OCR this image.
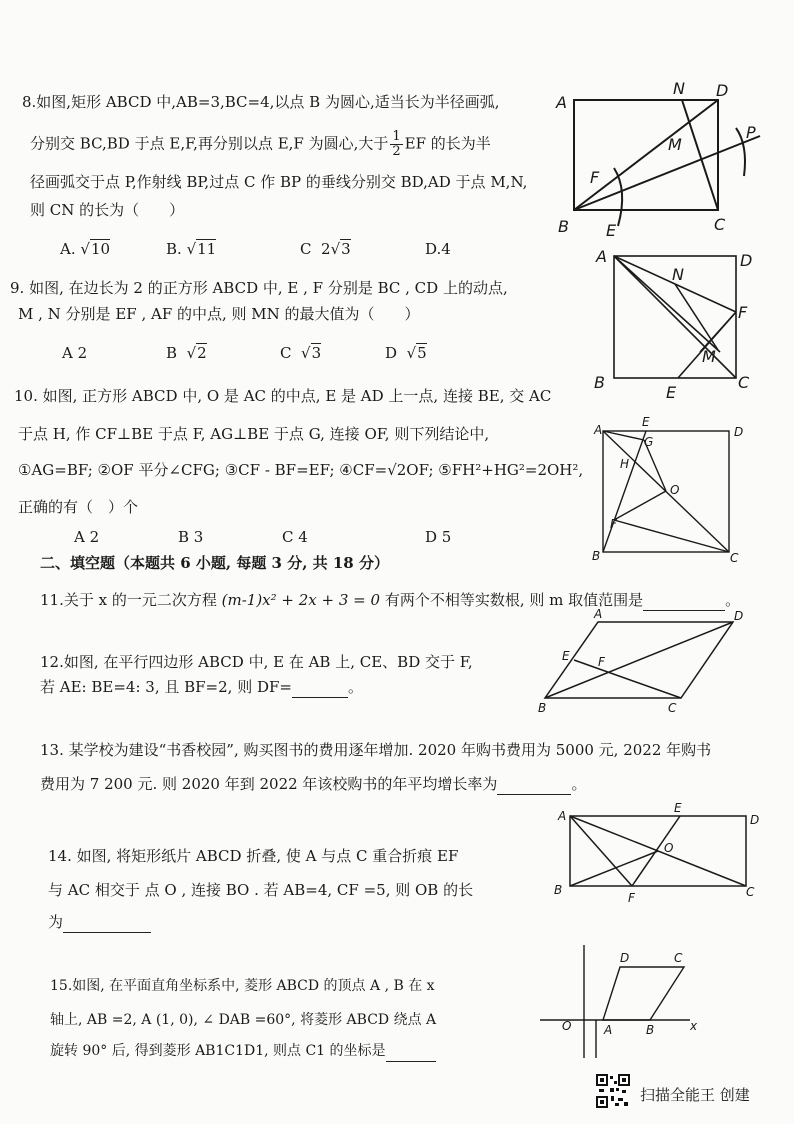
8.如图,矩形 ABCD 中,AB=3,BC=4,以点 B 为圆心,适当长为半径画弧,
分别交 BC,BD 于点 E,F,再分别以点 E,F 为圆心,大于 $\frac{1}{2}$ EF 的长为半
径画弧交于点 P,作射线 BP,过点 C 作 BP 的垂线分别交 BD,AD 于点 M,N,
则 CN 的长为（　　）
A. √10	B. √11	C 2√3	D.4
A
N D
M
P
F
B E	C
9. 如图, 在边长为 2 的正方形 ABCD 中, E , F 分别是 BC , CD 上的动点,
M , N 分别是 EF , AF 的中点, 则 MN 的最大值为（　　）
A 2	B  √2	C  √3	D  √5
A	D
N
F
M
B
E
C
10. 如图, 正方形 ABCD 中, O 是 AC 的中点, E 是 AD 上一点, 连接 BE, 交 AC
于点 H, 作 CF⊥BE 于点 F, AG⊥BE 于点 G, 连接 OF, 则下列结论中,
①AG=BF; ②OF 平分∠CFG; ③CF - BF=EF; ④CF=√2OF; ⑤FH²+HG²=2OH²,
正确的有（　）个
A 2	B 3	C 4	D 5
A
E
D
G
H
O
F
B	C
二、填空题（本题共 6 小题, 每题 3 分, 共 18 分）
11.关于 x 的一元二次方程 (m-1)x² + 2x + 3 = 0 有两个不相等实数根, 则 m 取值范围是	。
12.如图, 在平行四边形 ABCD 中, E 在 AB 上, CE、BD 交于 F,
若 AE: BE=4: 3, 且 BF=2, 则 DF=	。
A	D
E F
B	C
13. 某学校为建设“书香校园”, 购买图书的费用逐年增加. 2020 年购书费用为 5000 元, 2022 年购书
费用为 7 200 元. 则 2020 年到 2022 年该校购书的年平均增长率为	。
14. 如图, 将矩形纸片 ABCD 折叠, 使 A 与点 C 重合折痕 EF
与 AC 相交于 点 O , 连接 BO . 若 AB=4, CF =5, 则 OB 的长
为
A
E
D
O
B
F	C
15.如图, 在平面直角坐标系中, 菱形 ABCD 的顶点 A , B 在 x
轴上, AB =2, A (1, 0), ∠ DAB =60°, 将菱形 ABCD 绕点 A
旋转 90° 后, 得到菱形 AB1C1D1, 则点 C1 的坐标是
D	C
O	A	B	x
扫描全能王 创建
